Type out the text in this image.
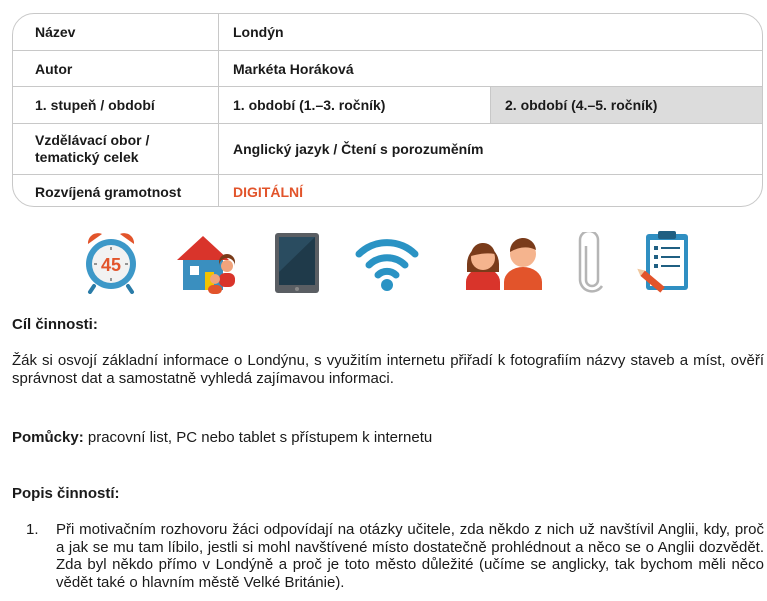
Název	Londýn
Autor	Markéta Horáková
1. stupeň / období	1. období (1.–3. ročník)	2. období (4.–5. ročník)
Vzdělávací obor /
tematický celek	Anglický jazyk / Čtení s porozuměním
Rozvíjená gramotnost	DIGITÁLNÍ
45
Cíl činnosti:
Žák si osvojí základní informace o Londýnu, s využitím internetu přiřadí k fotografiím názvy staveb a míst, ověří správnost dat a samostatně vyhledá zajímavou informaci.
Pomůcky: pracovní list, PC nebo tablet s přístupem k internetu
Popis činností:
1. Při motivačním rozhovoru žáci odpovídají na otázky učitele, zda někdo z nich už navštívil Anglii, kdy, proč a jak se mu tam líbilo, jestli si mohl navštívené místo dostatečně prohlédnout a něco se o Anglii dozvědět. Zda byl někdo přímo v Londýně a proč je toto město důležité (učíme se anglicky, tak bychom měli něco vědět také o hlavním městě Velké Británie).
